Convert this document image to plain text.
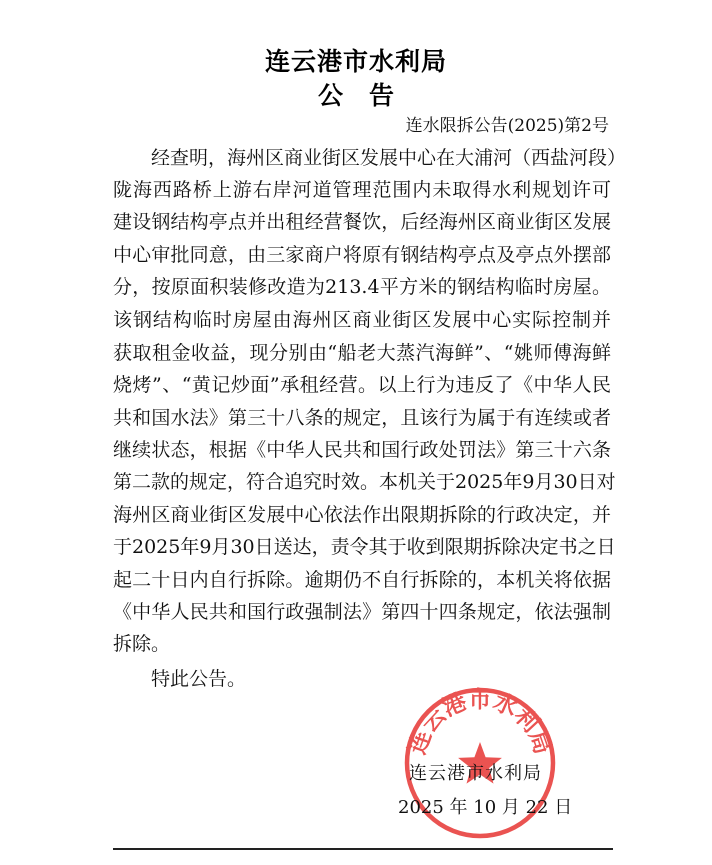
连云港市水利局
公告
连水限拆公告(2025)第2号
经查明，海州区商业街区发展中心在大浦河（西盐河段）
陇海西路桥上游右岸河道管理范围内未取得水利规划许可
建设钢结构亭点并出租经营餐饮，后经海州区商业街区发展
中心审批同意，由三家商户将原有钢结构亭点及亭点外摆部
分，按原面积装修改造为213.4平方米的钢结构临时房屋。
该钢结构临时房屋由海州区商业街区发展中心实际控制并
获取租金收益，现分别由“船老大蒸汽海鲜”、“姚师傅海鲜
烧烤”、“黄记炒面”承租经营。以上行为违反了《中华人民
共和国水法》第三十八条的规定，且该行为属于有连续或者
继续状态，根据《中华人民共和国行政处罚法》第三十六条
第二款的规定，符合追究时效。本机关于2025年9月30日对
海州区商业街区发展中心依法作出限期拆除的行政决定，并
于2025年9月30日送达，责令其于收到限期拆除决定书之日
起二十日内自行拆除。逾期仍不自行拆除的，本机关将依据
《中华人民共和国行政强制法》第四十四条规定，依法强制
拆除。
特此公告。
连云港市水利局
连云港市水利局
2025 年 10 月 22 日
